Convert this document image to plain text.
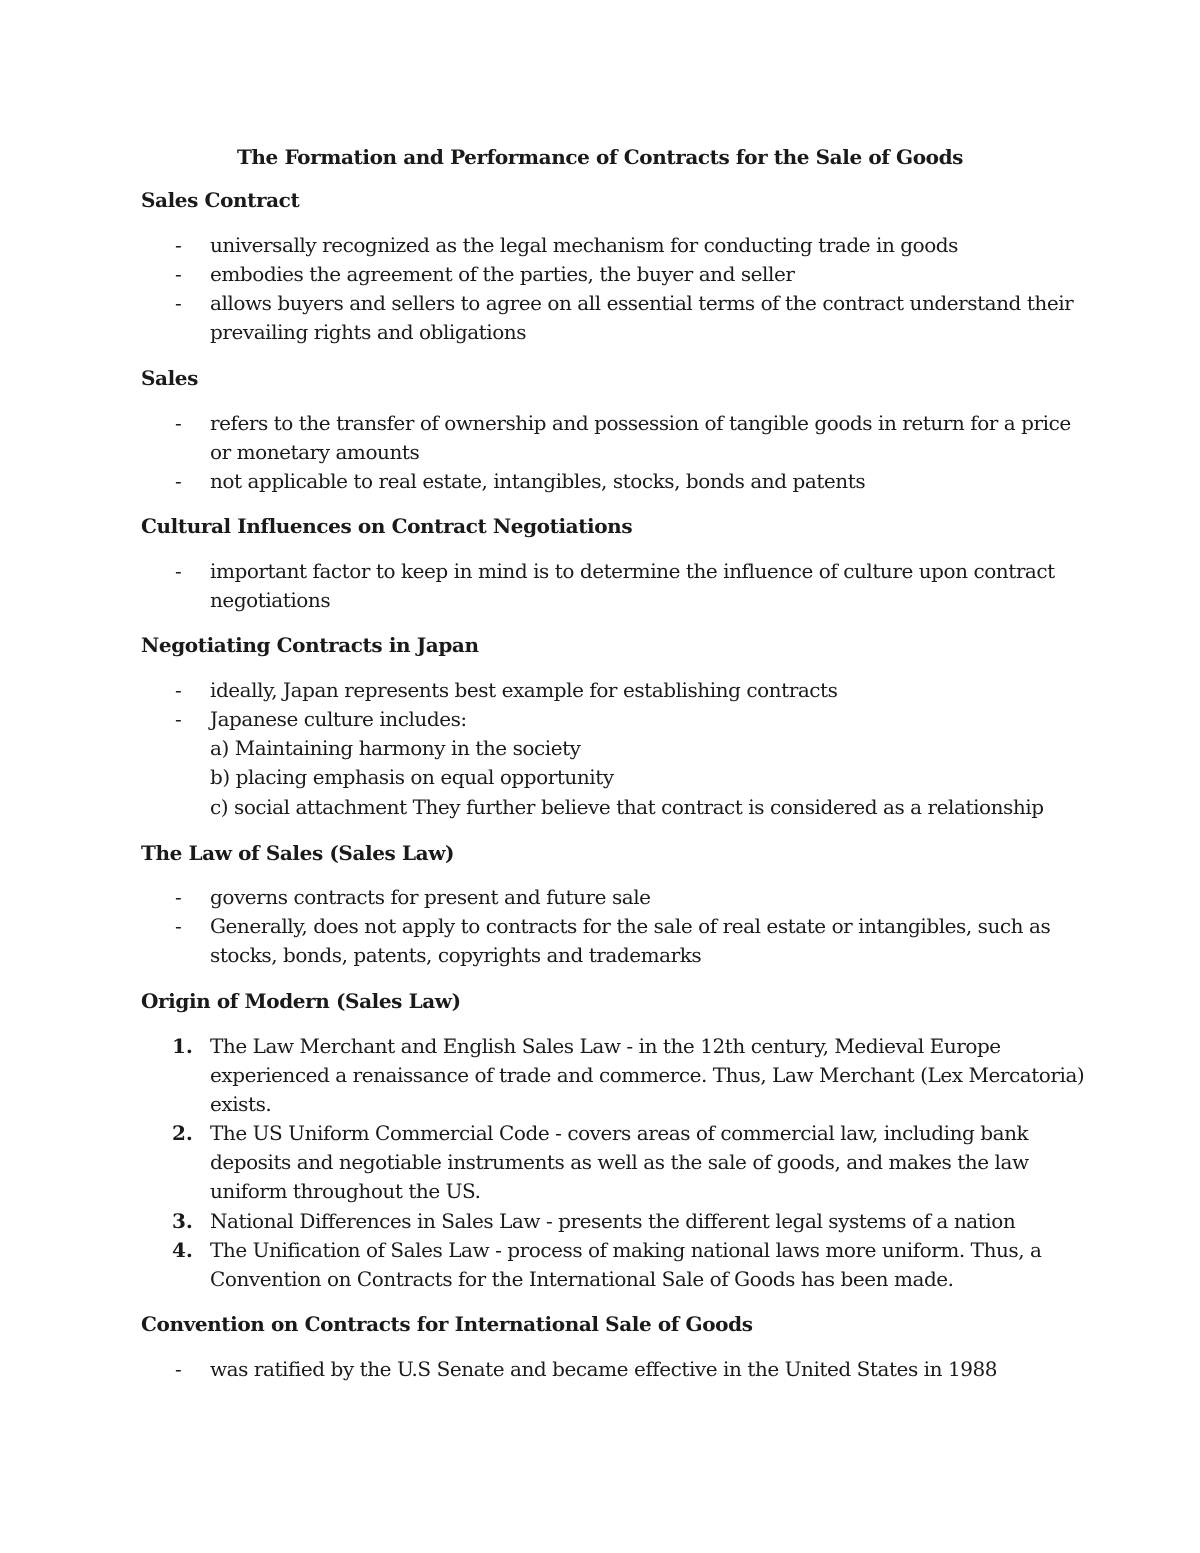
The Formation and Performance of Contracts for the Sale of Goods
Sales Contract
- universally recognized as the legal mechanism for conducting trade in goods
- embodies the agreement of the parties, the buyer and seller
- allows buyers and sellers to agree on all essential terms of the contract understand their
prevailing rights and obligations
Sales
- refers to the transfer of ownership and possession of tangible goods in return for a price
or monetary amounts
- not applicable to real estate, intangibles, stocks, bonds and patents
Cultural Influences on Contract Negotiations
- important factor to keep in mind is to determine the influence of culture upon contract
negotiations
Negotiating Contracts in Japan
- ideally, Japan represents best example for establishing contracts
- Japanese culture includes:
a) Maintaining harmony in the society
b) placing emphasis on equal opportunity
c) social attachment They further believe that contract is considered as a relationship
The Law of Sales (Sales Law)
- governs contracts for present and future sale
- Generally, does not apply to contracts for the sale of real estate or intangibles, such as
stocks, bonds, patents, copyrights and trademarks
Origin of Modern (Sales Law)
1. The Law Merchant and English Sales Law - in the 12th century, Medieval Europe
experienced a renaissance of trade and commerce. Thus, Law Merchant (Lex Mercatoria)
exists.
2. The US Uniform Commercial Code - covers areas of commercial law, including bank
deposits and negotiable instruments as well as the sale of goods, and makes the law
uniform throughout the US.
3. National Differences in Sales Law - presents the different legal systems of a nation
4. The Unification of Sales Law - process of making national laws more uniform. Thus, a
Convention on Contracts for the International Sale of Goods has been made.
Convention on Contracts for International Sale of Goods
- was ratified by the U.S Senate and became effective in the United States in 1988
